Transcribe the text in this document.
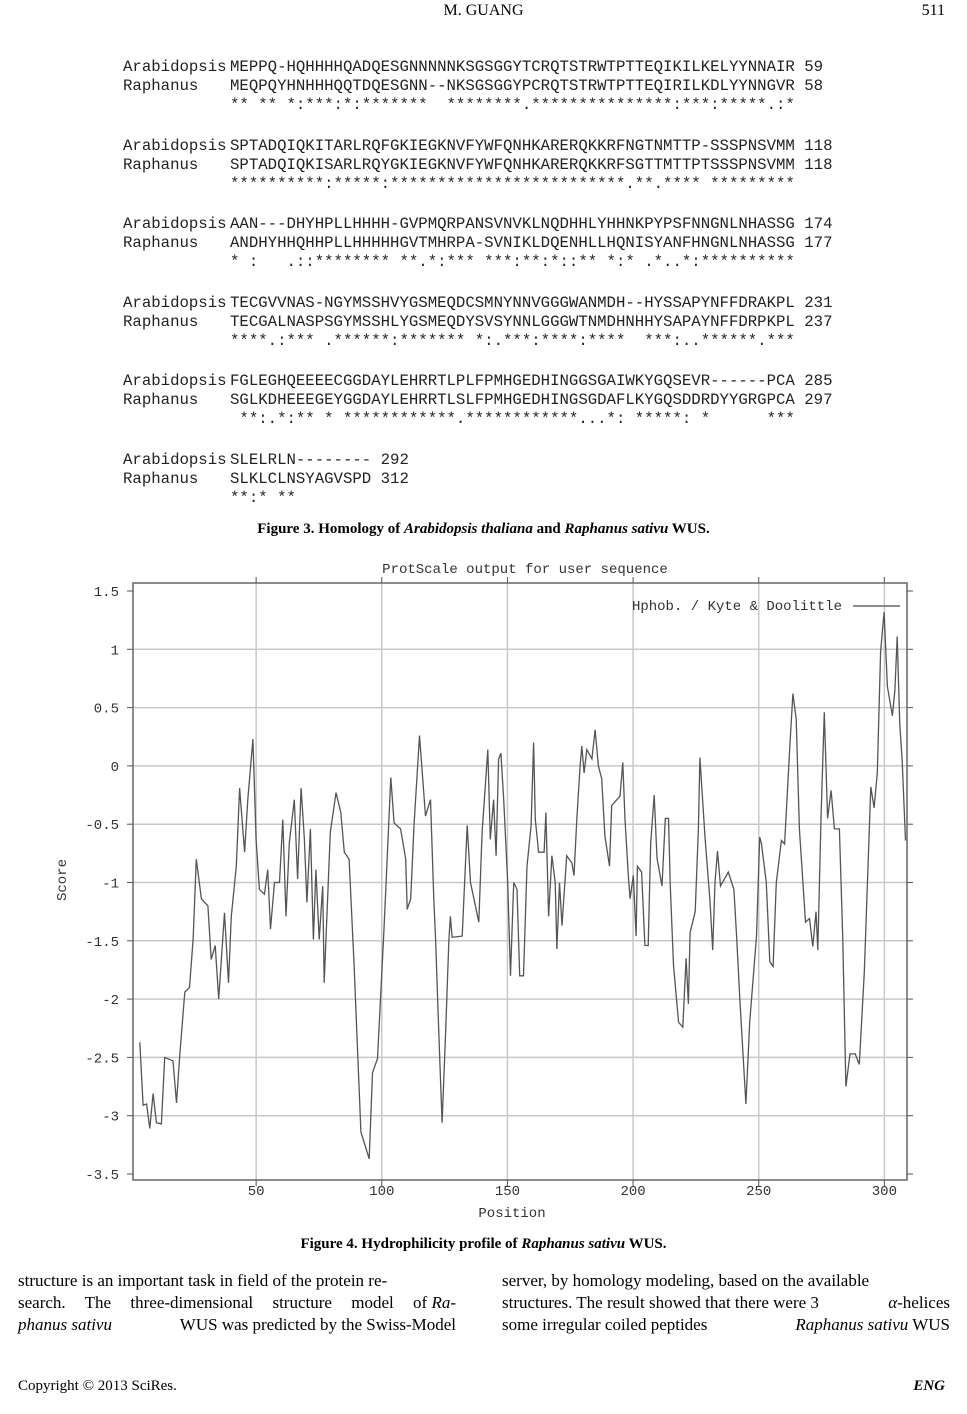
M. GUANG	511
Arabidopsis MEPPQ-HQHHHHQADQESGNNNNNKSGSGGYTCRQTSTRWTPTTEQIKILKELYYNNAIR 59
Raphanus MEQPQYHNHHHQQTDQESGNN--NKSGSGGYPCRQTSTRWTPTTEQIRILKDLYYNNGVR 58
** ** *:***:*:*******  ********.***************:***:*****.:*
Arabidopsis SPTADQIQKITARLRQFGKIEGKNVFYWFQNHKARERQKKRFNGTNMTTP-SSSPNSVMM 118
Raphanus SPTADQIQKISARLRQYGKIEGKNVFYWFQNHKARERQKKRFSGTTMTTPTSSSPNSVMM 118
**********:*****:*************************.**.**** *********
Arabidopsis AAN---DHYHPLLHHHH-GVPMQRPANSVNVKLNQDHHLYHHNKPYPSFNNGNLNHASSG 174
Raphanus ANDHYHHQHHPLLHHHHHGVTMHRPA-SVNIKLDQENHLLHQNISYANFHNGNLNHASSG 177
* :   .::******** **.*:*** ***:**:*::** *:* .*..*:**********
Arabidopsis TECGVVNAS-NGYMSSHVYGSMEQDCSMNYNNVGGGWANMDH--HYSSAPYNFFDRAKPL 231
Raphanus TECGALNASPSGYMSSHLYGSMEQDYSVSYNNLGGGWTNMDHNHHYSAPAYNFFDRPKPL 237
****.:*** .******:******* *:.***:****:****  ***:..******.***
Arabidopsis FGLEGHQEEEECGGDAYLEHRRTLPLFPMHGEDHINGGSGAIWKYGQSEVR------PCA 285
Raphanus SGLKDHEEEGEYGGDAYLEHRRTLSLFPMHGEDHINGSGDAFLKYGQSDDRDYYGRGPCA 297
**:.*:** * ************.************...*: *****: *      ***
Arabidopsis SLELRLN-------- 292
Raphanus SLKLCLNSYAGVSPD 312
**:* **
Figure 3. Homology of Arabidopsis thaliana and Raphanus sativu WUS.
ProtScale output for user sequence
1.5
1
0.5
0
-0.5
-1
-1.5
-2
-2.5
-3
-3.5
50	100	150	200	250	300
Hphob. / Kyte & Doolittle
Position
Score
Figure 4. Hydrophilicity profile of Raphanus sativu WUS.
structure is an important task in field of the protein re-
search. The three-dimensional structure model of Ra-
phanus sativu	WUS was predicted by the Swiss-Model
server, by homology modeling, based on the available
structures. The result showed that there were 3	α-helices
some irregular coiled peptides	Raphanus sativu WUS
Copyright © 2013 SciRes.	ENG
